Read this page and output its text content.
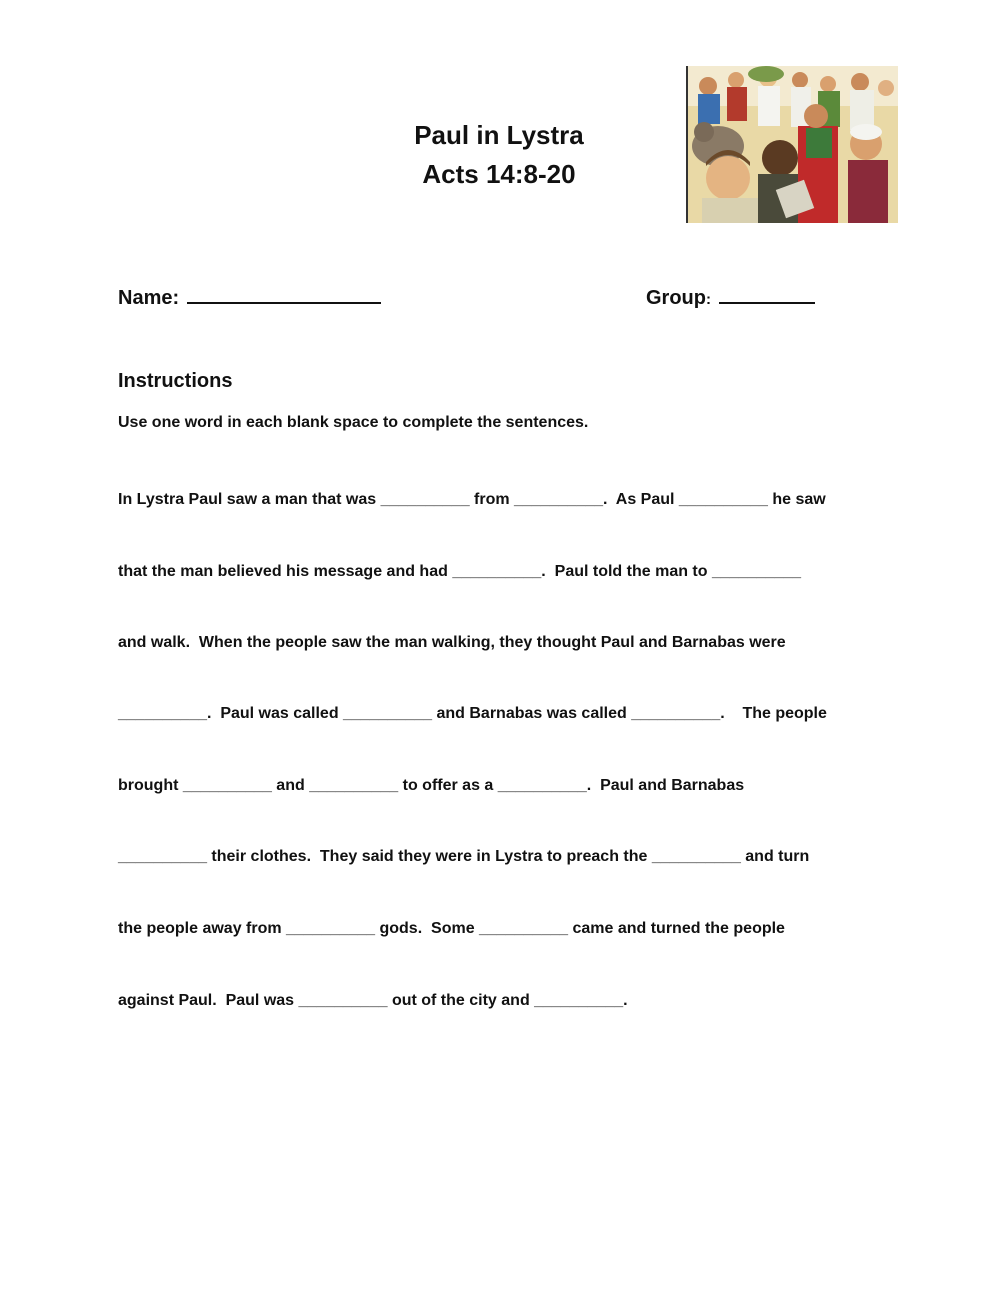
Paul in Lystra
Acts 14:8-20
Name:	Group:
Instructions
Use one word in each blank space to complete the sentences.
In Lystra Paul saw a man that was __________ from __________.  As Paul __________ he saw
that the man believed his message and had __________.  Paul told the man to __________
and walk.  When the people saw the man walking, they thought Paul and Barnabas were
__________.  Paul was called __________ and Barnabas was called __________.    The people
brought __________ and __________ to offer as a __________.  Paul and Barnabas
__________ their clothes.  They said they were in Lystra to preach the __________ and turn
the people away from __________ gods.  Some __________ came and turned the people
against Paul.  Paul was __________ out of the city and __________.
